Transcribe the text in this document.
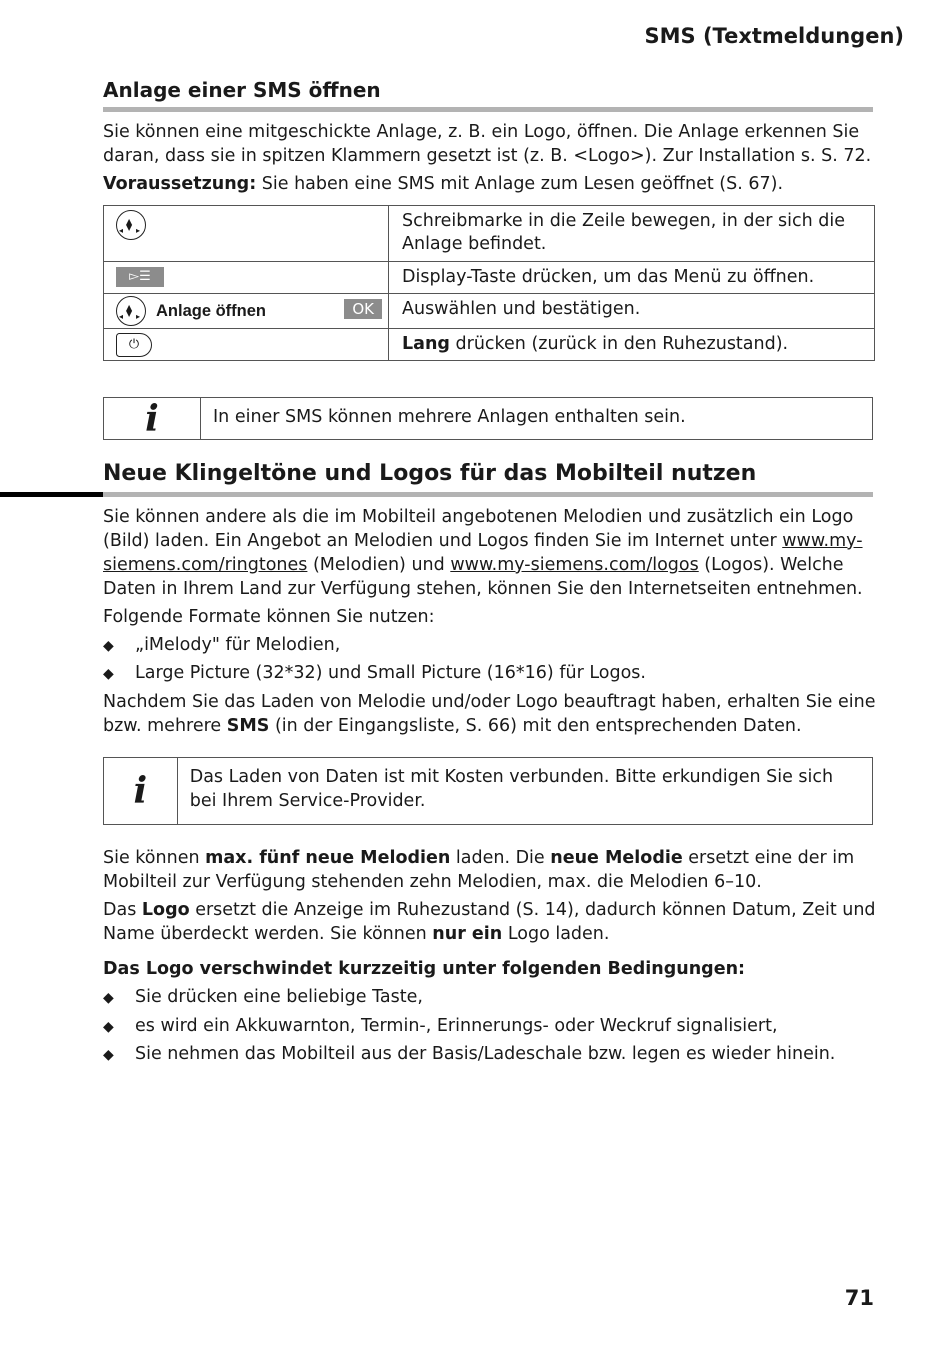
SMS (Textmeldungen)
Anlage einer SMS öffnen

Sie können eine mitgeschickte Anlage, z. B. ein Logo, öffnen. Die Anlage erkennen Sie daran, dass sie in spitzen Klammern gesetzt ist (z. B. <Logo>). Zur Installation s. S. 72.

Voraussetzung: Sie haben eine SMS mit Anlage zum Lesen geöffnet (S. 67).

▲ ◂▸
▼	Schreibmarke in die Zeile bewegen, in der sich die Anlage befindet.
▻☰	Display-Taste drücken, um das Menü zu öffnen.

▲ ◂▸
▼ Anlage öffnen OK	Auswählen und bestätigen.
⏻	Lang drücken (zurück in den Ruhezustand).
i	In einer SMS können mehrere Anlagen enthalten sein.
Neue Klingeltöne und Logos für das Mobilteil nutzen

Sie können andere als die im Mobilteil angebotenen Melodien und zusätzlich ein Logo (Bild) laden. Ein Angebot an Melodien und Logos finden Sie im Internet unter www.my-siemens.com/ringtones (Melodien) und www.my-siemens.com/logos (Logos). Welche Daten in Ihrem Land zur Verfügung stehen, können Sie den Internetseiten entnehmen.

Folgende Formate können Sie nutzen:

◆ „iMelody" für Melodien,
◆ Large Picture (32*32) und Small Picture (16*16) für Logos.

Nachdem Sie das Laden von Melodie und/oder Logo beauftragt haben, erhalten Sie eine bzw. mehrere SMS (in der Eingangsliste, S. 66) mit den entsprechenden Daten.

i	Das Laden von Daten ist mit Kosten verbunden. Bitte erkundigen Sie sich bei Ihrem Service-Provider.

Sie können max. fünf neue Melodien laden. Die neue Melodie ersetzt eine der im Mobilteil zur Verfügung stehenden zehn Melodien, max. die Melodien 6–10.

Das Logo ersetzt die Anzeige im Ruhezustand (S. 14), dadurch können Datum, Zeit und Name überdeckt werden. Sie können nur ein Logo laden.

Das Logo verschwindet kurzzeitig unter folgenden Bedingungen:

◆ Sie drücken eine beliebige Taste,
◆ es wird ein Akkuwarnton, Termin-, Erinnerungs- oder Weckruf signalisiert,
◆ Sie nehmen das Mobilteil aus der Basis/Ladeschale bzw. legen es wieder hinein.
71
